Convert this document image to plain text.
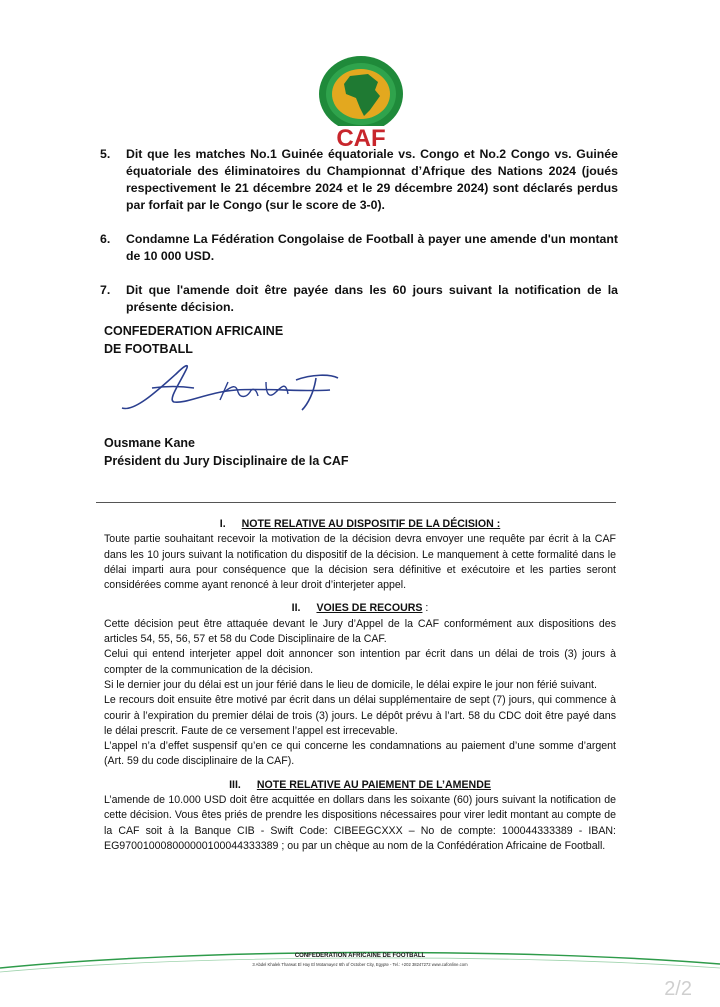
CAF
5.	Dit que les matches No.1 Guinée équatoriale vs. Congo et No.2 Congo vs. Guinée équatoriale des éliminatoires du Championnat d’Afrique des Nations 2024 (joués respectivement le 21 décembre 2024 et le 29 décembre 2024) sont déclarés perdus par forfait par le Congo (sur le score de 3-0).
6.	Condamne La Fédération Congolaise de Football à payer une amende d'un montant de 10 000 USD.
7.	Dit que l'amende doit être payée dans les 60 jours suivant la notification de la présente décision.
CONFEDERATION AFRICAINE
DE FOOTBALL
Ousmane Kane
Président du Jury Disciplinaire de la CAF

I. NOTE RELATIVE AU DISPOSITIF DE LA DÉCISION :

Toute partie souhaitant recevoir la motivation de la décision devra envoyer une requête par écrit à la CAF dans les 10 jours suivant la notification du dispositif de la décision. Le manquement à cette formalité dans le délai imparti aura pour conséquence que la décision sera définitive et exécutoire et les parties seront considérées comme ayant renoncé à leur droit d’interjeter appel.

II. VOIES DE RECOURS :

Cette décision peut être attaquée devant le Jury d’Appel de la CAF conformément aux dispositions des articles 54, 55, 56, 57 et 58 du Code Disciplinaire de la CAF.

Celui qui entend interjeter appel doit annoncer son intention par écrit dans un délai de trois (3) jours à compter de la communication de la décision.

Si le dernier jour du délai est un jour férié dans le lieu de domicile, le délai expire le jour non férié suivant.

Le recours doit ensuite être motivé par écrit dans un délai supplémentaire de sept (7) jours, qui commence à courir à l’expiration du premier délai de trois (3) jours. Le dépôt prévu à l’art. 58 du CDC doit être payé dans le délai prescrit. Faute de ce versement l’appel est irrecevable.

L’appel n’a d’effet suspensif qu’en ce qui concerne les condamnations au paiement d’une somme d’argent (Art. 59 du code disciplinaire de la CAF).

III. NOTE RELATIVE AU PAIEMENT DE L’AMENDE

L’amende de 10.000 USD doit être acquittée en dollars dans les soixante (60) jours suivant la notification de cette décision. Vous êtes priés de prendre les dispositions nécessaires pour virer ledit montant au compte de la CAF soit à la Banque CIB - Swift Code: CIBEEGCXXX – No de compte: 100044333389 - IBAN: EG970010008000000100044333389 ; ou par un chèque au nom de la Confédération Africaine de Football.

CONFEDERATION AFRICAINE DE FOOTBALL
3 Abdel Khalek Tharwat El Hay El Motamayez 6th of October City, Egypte - Tel.: +202 38247272 www.cafonline.com
2/2
